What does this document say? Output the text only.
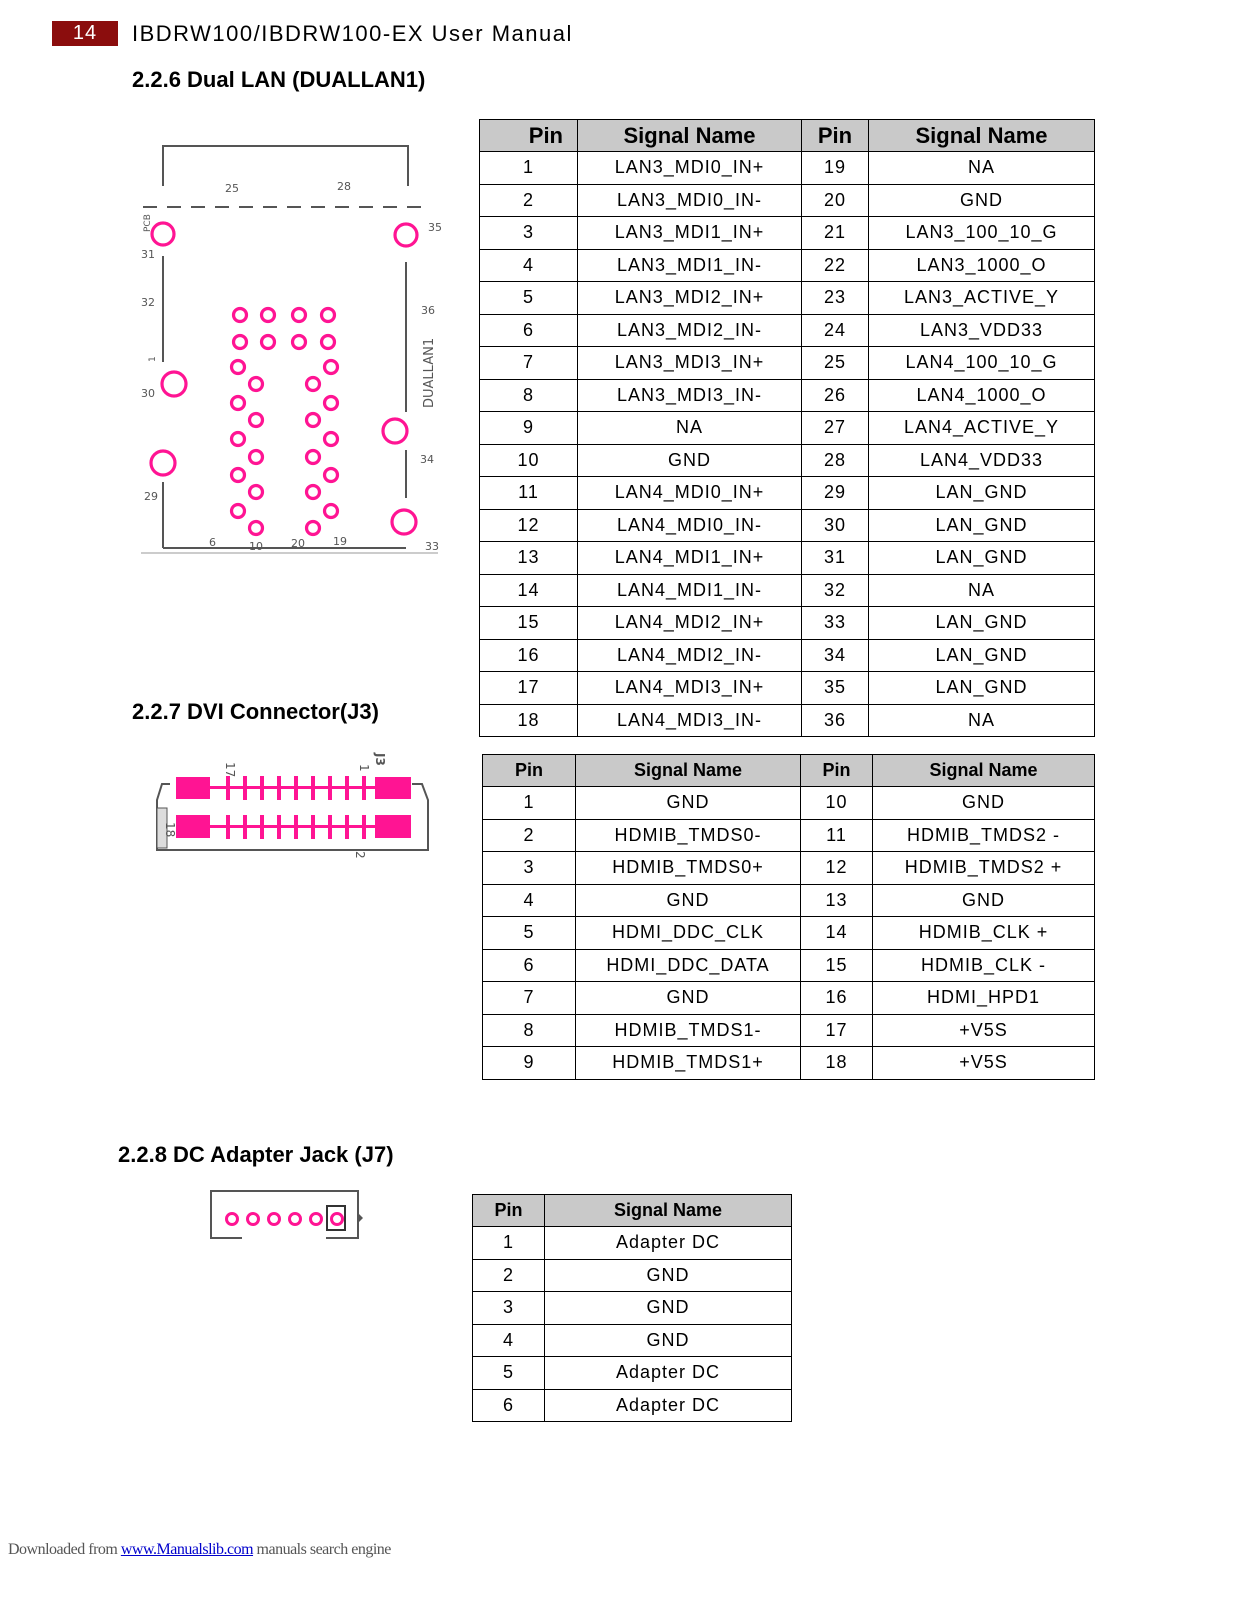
14	IBDRW100/IBDRW100-EX User Manual
2.2.6 Dual LAN (DUALLAN1)
2.2.7 DVI Connector(J3)
2.2.8 DC Adapter Jack (J7)
25	28
PCB	35
31
32
36
1
30
34
29
6	10	20	19	33
DUALLAN1
Pin	Signal Name	Pin	Signal Name
1	LAN3_MDI0_IN+	19	NA
2	LAN3_MDI0_IN-	20	GND
3	LAN3_MDI1_IN+	21	LAN3_100_10_G
4	LAN3_MDI1_IN-	22	LAN3_1000_O
5	LAN3_MDI2_IN+	23	LAN3_ACTIVE_Y
6	LAN3_MDI2_IN-	24	LAN3_VDD33
7	LAN3_MDI3_IN+	25	LAN4_100_10_G
8	LAN3_MDI3_IN-	26	LAN4_1000_O
9	NA	27	LAN4_ACTIVE_Y
10	GND	28	LAN4_VDD33
11	LAN4_MDI0_IN+	29	LAN_GND
12	LAN4_MDI0_IN-	30	LAN_GND
13	LAN4_MDI1_IN+	31	LAN_GND
14	LAN4_MDI1_IN-	32	NA
15	LAN4_MDI2_IN+	33	LAN_GND
16	LAN4_MDI2_IN-	34	LAN_GND
17	LAN4_MDI3_IN+	35	LAN_GND
18	LAN4_MDI3_IN-	36	NA
17	1
J3
18
2
Pin	Signal Name	Pin	Signal Name
1	GND	10	GND
2	HDMIB_TMDS0-	11	HDMIB_TMDS2 -
3	HDMIB_TMDS0+	12	HDMIB_TMDS2 +
4	GND	13	GND
5	HDMI_DDC_CLK	14	HDMIB_CLK +
6	HDMI_DDC_DATA	15	HDMIB_CLK -
7	GND	16	HDMI_HPD1
8	HDMIB_TMDS1-	17	+V5S
9	HDMIB_TMDS1+	18	+V5S
Pin	Signal Name
1	Adapter DC
2	GND
3	GND
4	GND
5	Adapter DC
6	Adapter DC
Downloaded from www.Manualslib.com manuals search engine
